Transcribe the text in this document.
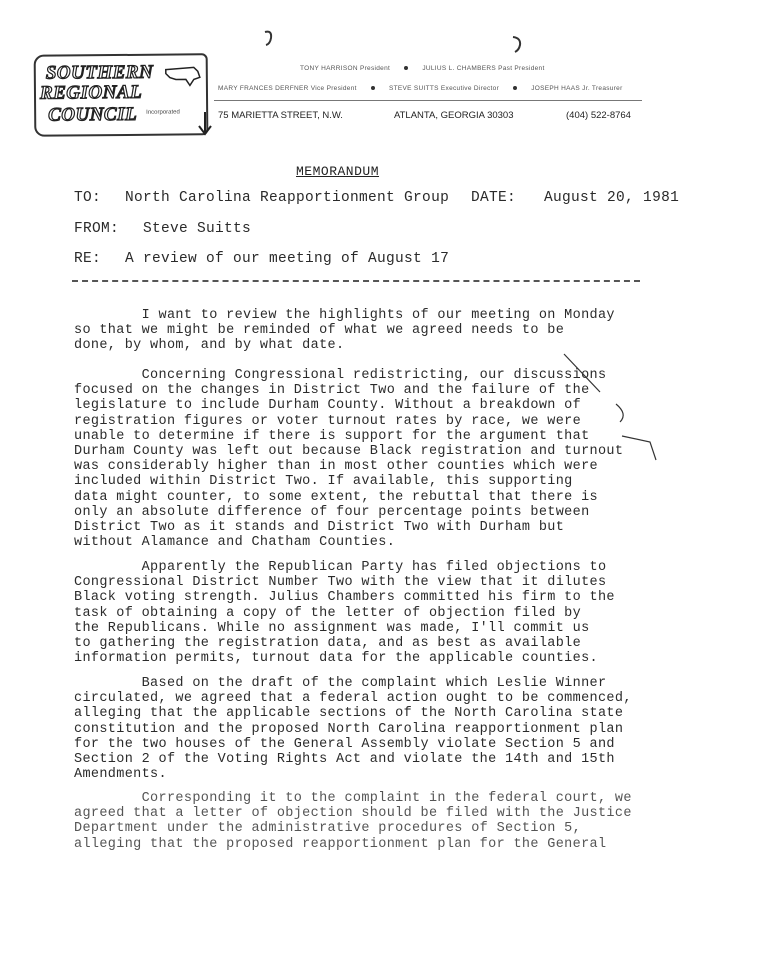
SOUTHERN
REGIONAL
COUNCIL Incorporated
TONY HARRISON President	JULIUS L. CHAMBERS Past President
MARY FRANCES DERFNER Vice President	STEVE SUITTS Executive Director	JOSEPH HAAS Jr. Treasurer
75 MARIETTA STREET, N.W.	ATLANTA, GEORGIA 30303	(404) 522-8764
MEMORANDUM
TO: North Carolina Reapportionment Group DATE: August 20, 1981
FROM: Steve Suitts
RE: A review of our meeting of August 17
I want to review the highlights of our meeting on Monday
so that we might be reminded of what we agreed needs to be
done, by whom, and by what date.
Concerning Congressional redistricting, our discussions
focused on the changes in District Two and the failure of the
legislature to include Durham County. Without a breakdown of
registration figures or voter turnout rates by race, we were
unable to determine if there is support for the argument that
Durham County was left out because Black registration and turnout
was considerably higher than in most other counties which were
included within District Two. If available, this supporting
data might counter, to some extent, the rebuttal that there is
only an absolute difference of four percentage points between
District Two as it stands and District Two with Durham but
without Alamance and Chatham Counties.
Apparently the Republican Party has filed objections to
Congressional District Number Two with the view that it dilutes
Black voting strength. Julius Chambers committed his firm to the
task of obtaining a copy of the letter of objection filed by
the Republicans. While no assignment was made, I'll commit us
to gathering the registration data, and as best as available
information permits, turnout data for the applicable counties.
Based on the draft of the complaint which Leslie Winner
circulated, we agreed that a federal action ought to be commenced,
alleging that the applicable sections of the North Carolina state
constitution and the proposed North Carolina reapportionment plan
for the two houses of the General Assembly violate Section 5 and
Section 2 of the Voting Rights Act and violate the 14th and 15th
Amendments.
Corresponding it to the complaint in the federal court, we
agreed that a letter of objection should be filed with the Justice
Department under the administrative procedures of Section 5,
alleging that the proposed reapportionment plan for the General
